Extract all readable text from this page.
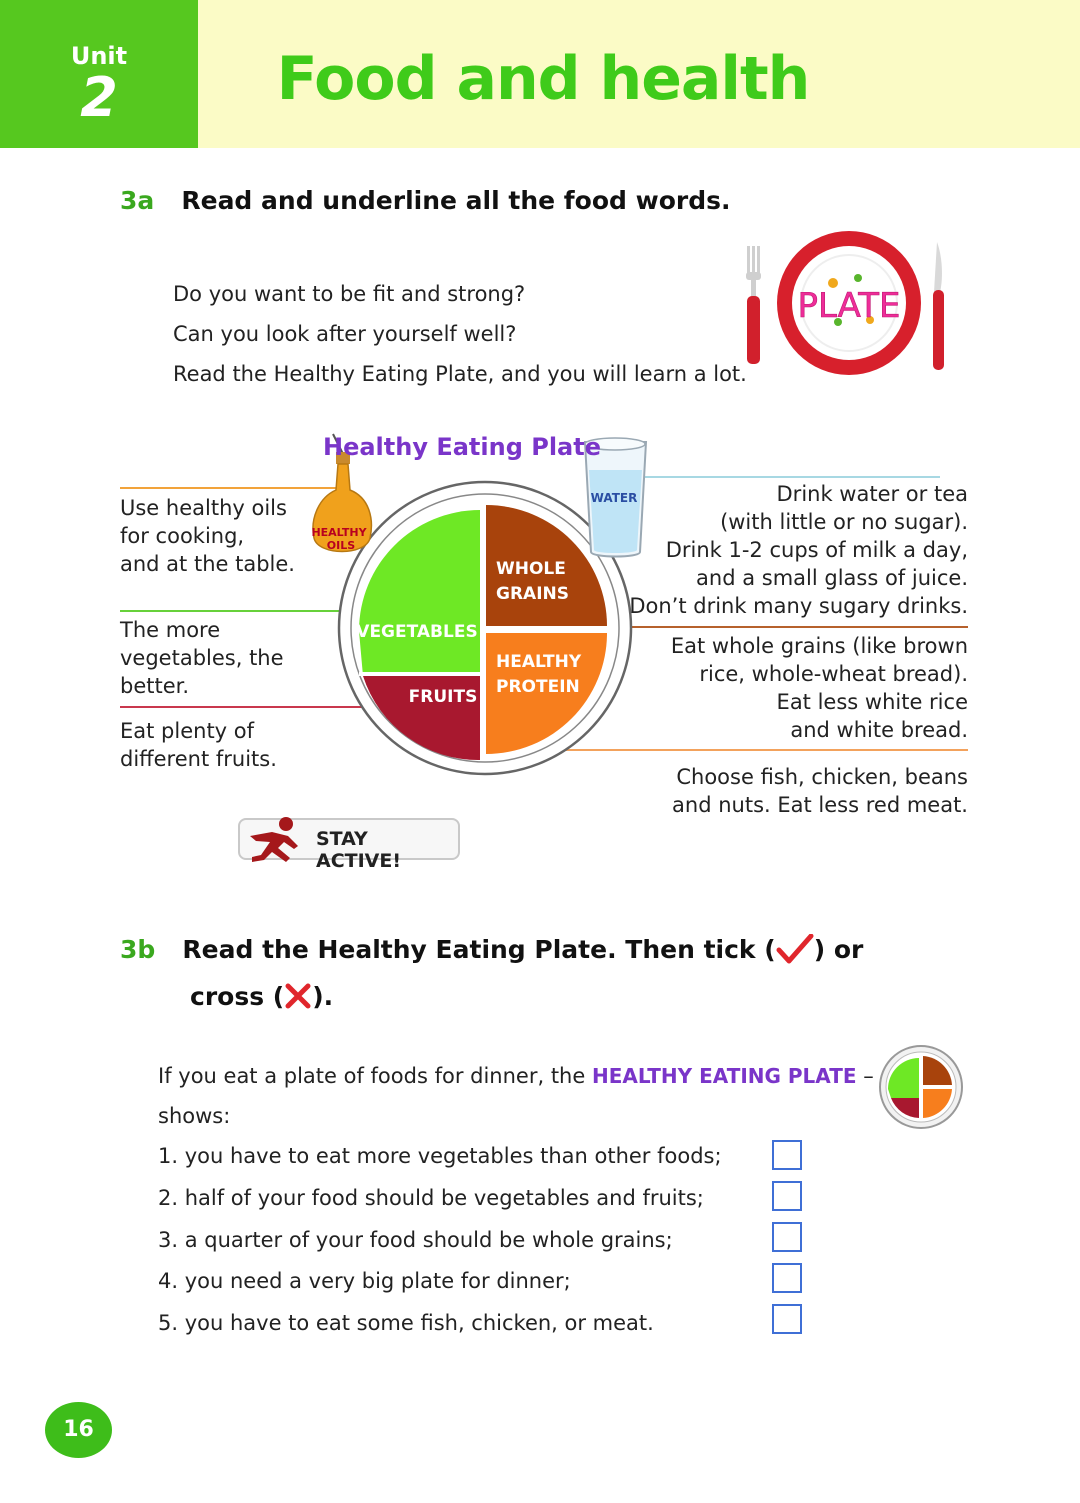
Unit
2	Food and health
3a Read and underline all the food words.
Do you want to be fit and strong?
Can you look after yourself well?
Read the Healthy Eating Plate, and you will learn a lot.
PLATE
HEALTHY
OILS
WATER
Healthy Eating Plate
VEGETABLES
FRUITS
WHOLE
GRAINS
HEALTHY
PROTEIN
Use healthy oils
for cooking,
and at the table.
The more
vegetables, the
better.
Eat plenty of
different fruits.
Drink water or tea
(with little or no sugar).
Drink 1-2 cups of milk a day,
and a small glass of juice.
Don’t drink many sugary drinks.
Eat whole grains (like brown
rice, whole-wheat bread).
Eat less white rice
and white bread.
Choose fish, chicken, beans
and nuts. Eat less red meat.
STAY ACTIVE!
3b Read the Healthy Eating Plate. Then tick ( ) or
cross ( ).
If you eat a plate of foods for dinner, the HEALTHY EATING PLATE –
shows:
1. you have to eat more vegetables than other foods;
2. half of your food should be vegetables and fruits;
3. a quarter of your food should be whole grains;
4. you need a very big plate for dinner;
5. you have to eat some fish, chicken, or meat.
16
